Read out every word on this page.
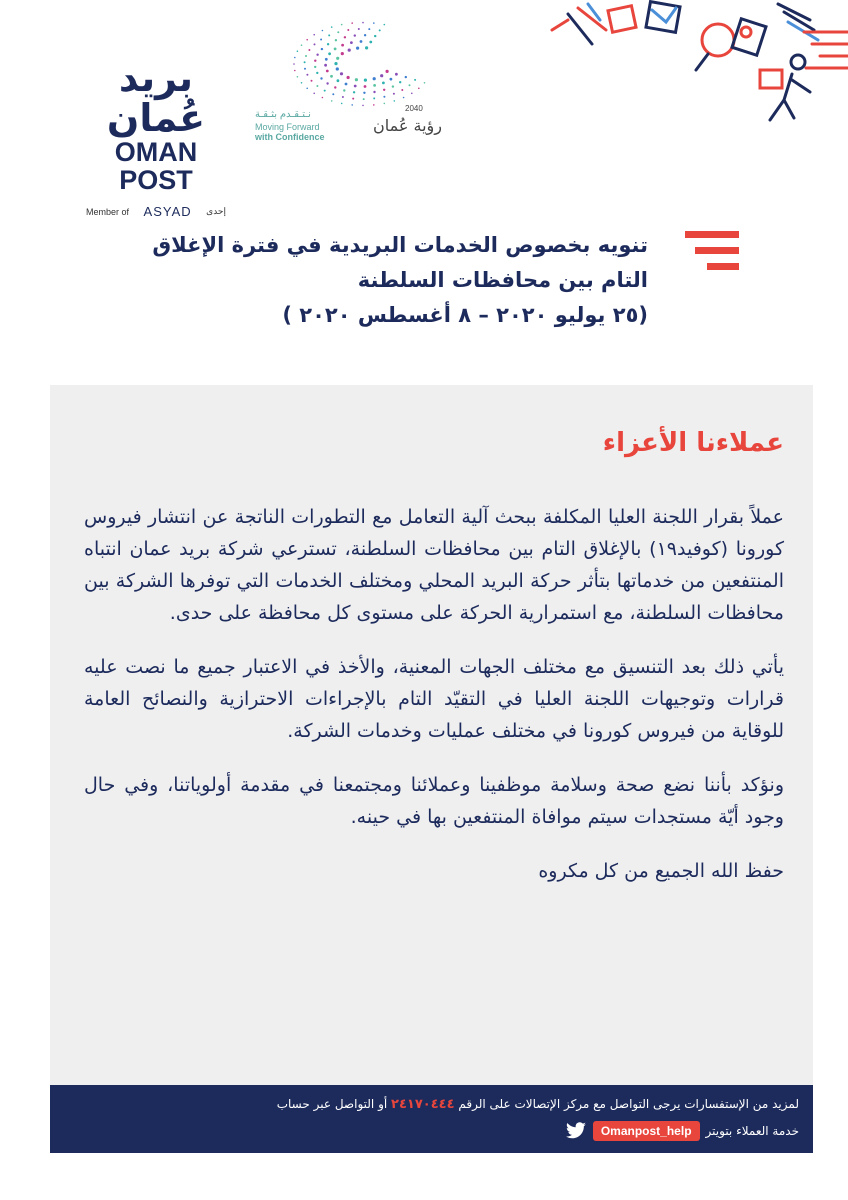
بريد عُمان
OMAN POST
Member of ASYAD إحدى
نـتـقـدم بثـقـة
Moving Forward
with Confidence
2040
رؤية عُمان
تنويه بخصوص الخدمات البريدية في فترة الإغلاق
التام بين محافظات السلطنة
(٢٥ يوليو ٢٠٢٠ – ٨ أغسطس ٢٠٢٠ )
عملاءنا الأعزاء

عملاً بقرار اللجنة العليا المكلفة ببحث آلية التعامل مع التطورات الناتجة عن انتشار فيروس كورونا (كوفيد١٩) بالإغلاق التام بين محافظات السلطنة، تسترعي شركة بريد عمان انتباه المنتفعين من خدماتها بتأثر حركة البريد المحلي ومختلف الخدمات التي توفرها الشركة بين محافظات السلطنة، مع استمرارية الحركة على مستوى كل محافظة على حدى.

يأتي ذلك بعد التنسيق مع مختلف الجهات المعنية، والأخذ في الاعتبار جميع ما نصت عليه قرارات وتوجيهات اللجنة العليا في التقيّد التام بالإجراءات الاحترازية والنصائح العامة للوقاية من فيروس كورونا في مختلف عمليات وخدمات الشركة.

ونؤكد بأننا نضع صحة وسلامة موظفينا وعملائنا ومجتمعنا في مقدمة أولوياتنا، وفي حال وجود أيّة مستجدات سيتم موافاة المنتفعين بها في حينه.

حفظ الله الجميع من كل مكروه

لمزيد من الإستفسارات يرجى التواصل مع مركز الإتصالات على الرقم ٢٤١٧٠٤٤٤ أو التواصل عبر حساب
خدمة العملاء بتويتر
Omanpost_help
